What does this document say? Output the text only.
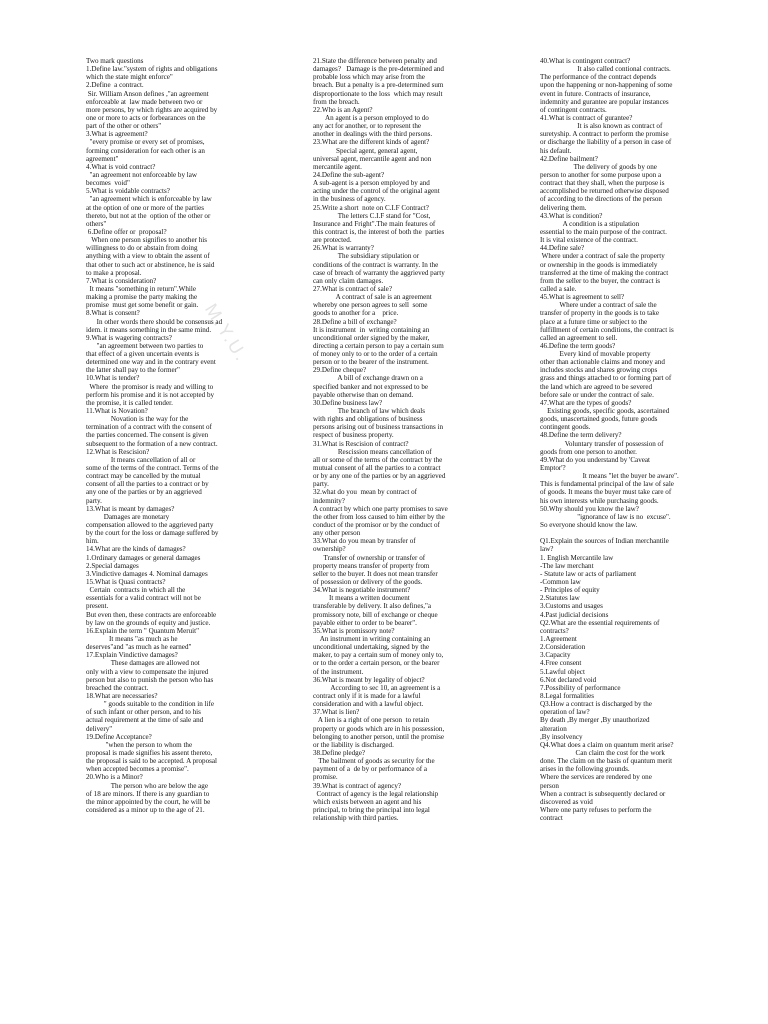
Two mark questions
1.Define law."system of rights and obligations
which the state might enforce"
2.Define  a contract.
Sir. William Anson defines ,"an agreement
enforceable at  law made between two or
more persons, by which rights are acquired by
one or more to acts or forbearances on the
part of the other or others"
3.What is agreement?
"every promise or every set of promises,
forming consideration for each other is an
agreement"
4.What is void contract?
"an agreement not enforceable by law
becomes  void"
5.What is voidable contracts?
"an agreement which is enforceable by law
at the option of one or more of the parties
thereto, but not at the  option of the other or
others"
6.Define offer or  proposal?
When one person signifies to another his
willingness to do or abstain from doing
anything with a view to obtain the assent of
that other to such act or abstinence, he is said
to make a proposal.
7.What is consideration?
It means "something in return".While
making a promise the party making the
promise  must get some benefit or gain.
8.What is consent?
In other words there should be consensus ad
idem. it means something in the same mind.
9.What is wagering contracts?
"an agreement between two parties to
that effect of a given uncertain events is
determined one way and in the contrary event
the latter shall pay to the former"
10.What is tender?
Where  the promisor is ready and willing to
perform his promise and it is not accepted by
the promise, it is called tender.
11.What is Novation?
Novation is the way for the
termination of a contract with the consent of
the parties concerned. The consent is given
subsequent to the formation of a new contract.
12.What is Rescision?
It means cancellation of all or
some of the terms of the contract. Terms of the
contract may be cancelled by the mutual
consent of all the parties to a contract or by
any one of the parties or by an aggrieved
party.
13.What is meant by damages?
Damages are monetary
compensation allowed to the aggrieved party
by the court for the loss or damage suffered by
him.
14.What are the kinds of damages?
1.Ordinary damages or general damages
2.Special damages
3.Vindictive damages 4. Nominal damages
15.What is Quasi contracts?
Certain  contracts in which all the
essentials for a valid contract will not be
present.
But even then, these contracts are enforceable
by law on the grounds of equity and justice.
16.Explain the term " Quantum Meruit"
It means "as much as he
deserves"and "as much as he earned"
17.Explain Vindictive damages?
These damages are allowed not
only with a view to compensate the injured
person but also to punish the person who has
breached the contract.
18.What are necessaries?
" goods suitable to the condition in life
of such infant or other person, and to his
actual requirement at the time of sale and
delivery"
19.Define Acceptance?
"when the person to whom the
proposal is made signifies his assent thereto,
the proposal is said to be accepted. A proposal
when accepted becomes a promise".
20.Who is a Minor?
The person who are below the age
of 18 are minors. If there is any guardian to
the minor appointed by the court, he will be
considered as a minor up to the age of 21.
21.State the difference between penalty and
damages?   Damage is the pre-determined and
probable loss which may arise from the
breach. But a penalty is a pre-determined sum
disproportionate to the loss  which may result
from the breach.
22.Who is an Agent?
An agent is a person employed to do
any act for another, or to represent the
another in dealings with the third persons.
23.What are the different kinds of agent?
Special agent, general agent,
universal agent, mercantile agent and non
mercantile agent.
24.Define the sub-agent?
A sub-agent is a person employed by and
acting under the control of the original agent
in the business of agency.
25.Write a short  note on C.I.F Contract?
The letters C.I.F stand for "Cost,
Insurance and Fright".The main features of
this contract is, the interest of both the  parties
are protected.
26.What is warranty?
The subsidiary stipulation or
conditions of the contract is warranty. In the
case of breach of warranty the aggrieved party
can only claim damages.
27.What is contract of sale?
A contract of sale is an agreement
whereby one person agrees to sell  some
goods to another for a    price.
28.Define a bill of exchange?
It is instrument  in  writing containing an
unconditional order signed by the maker,
directing a certain person to pay a certain sum
of money only to or to the order of a certain
person or to the bearer of the instrument.
29.Define cheque?
A bill of exchange drawn on a
specified banker and not expressed to be
payable otherwise than on demand.
30.Define business law?
The branch of law which deals
with rights and obligations of business
persons arising out of business transactions in
respect of business property.
31.What is Rescision of contract?
Rescission means cancellation of
all or some of the terms of the contract by the
mutual consent of all the parties to a contract
or by any one of the parties or by an aggrieved
party.
32.what do you  mean by contract of
indemnity?
A contract by which one party promises to save
the other from loss caused to him either by the
conduct of the promisor or by the conduct of
any other person
33.What do you mean by transfer of
ownership?
Transfer of ownership or transfer of
property means transfer of property from
seller to the buyer. It does not mean transfer
of possession or delivery of the goods.
34.What is negotiable instrument?
It means a written document
transferable by delivery. It also defines,"a
promissory note, bill of exchange or cheque
payable either to order to be bearer".
35.What is promissory note?
An instrument in writing containing an
unconditional undertaking, signed by the
maker, to pay a certain sum of money only to,
or to the order a certain person, or the bearer
of the instrument.
36.What is meant by legality of object?
According to sec 10, an agreement is a
contract only if it is made for a lawful
consideration and with a lawful object.
37.What is lien?
A lien is a right of one person  to retain
property or goods which are in his possession,
belonging to another person, until the promise
or the liability is discharged.
38.Define pledge?
The bailment of goods as security for the
payment of a  de by or performance of a
promise.
39.What is contract of agency?
Contract of agency is the legal relationship
which exists between an agent and his
principal, to bring the principal into legal
relationship with third parties.
40.What is contingent contract?
It also called contional contracts.
The performance of the contract depends
upon the happening or non-happening of some
event in future. Contracts of insurance,
indemnity and gurantee are popular instances
of contingent contracts.
41.What is contract of gurantee?
It is also known as contract of
suretyship. A contract to perform the promise
or discharge the liability of a person in case of
his default.
42.Define bailment?
The delivery of goods by one
person to another for some purpose upon a
contract that they shall, when the purpose is
accomplished be returned otherwise disposed
of according to the directions of the person
delivering them.
43.What is condition?
A condition is a stipulation
essential to the main purpose of the contract.
It is vital existence of the contract.
44.Define sale?
Where under a contract of sale the property
or ownership in the goods is immediately
transferred at the time of making the contract
from the seller to the buyer, the contract is
called a sale.
45.What is agreement to sell?
Where under a contract of sale the
transfer of property in the goods is to take
place at a future time or subject to the
fulfillment of certain conditions, the contract is
called an agreement to sell.
46.Define the term goods?
Every kind of movable property
other than actionable claims and money and
includes stocks and shares growing crops
grass and things attached to or forming part of
the land which are agreed to be severed
before sale or under the contract of sale.
47.What are the types of goods?
Existing goods, specific goods, ascertained
goods, unascertained goods, future goods
contingent goods.
48.Define the term delivery?
Voluntary transfer of possession of
goods from one person to another.
49.What do you understand by 'Caveat
Emptor'?
It means "let the buyer be aware".
This is fundamental principal of the law of sale
of goods. It means the buyer must take care of
his own interests while purchasing goods.
50.Why should you know the law?
"ignorance of law is no  excuse".
So everyone should know the law.
Q1.Explain the sources of Indian merchantile
law?
1. English Mercantile law
-The law merchant
- Statute law or acts of parliament
-Common law
- Principles of equity
2.Statutes law
3.Customs and usages
4.Past judicial decisions
Q2.What are the essential requirements of
contracts?
1.Agreement
2.Consideration
3.Capacity
4.Free consent
5.Lawful object
6.Not declared void
7.Possibility of performance
8.Legal formalities
Q3.How a contract is discharged by the
operation of law?
By death ,By merger ,By unauthorized
alteration
,By insolvency
Q4.What does a claim on quantum merit arise?
Can claim the cost for the work
done. The claim on the basis of quantum merit
arises in the following grounds.
Where the services are rendered by one
person
When a contract is subsequently declared or
discovered as void
Where one party refuses to perform the
contract
M.Y.U.
